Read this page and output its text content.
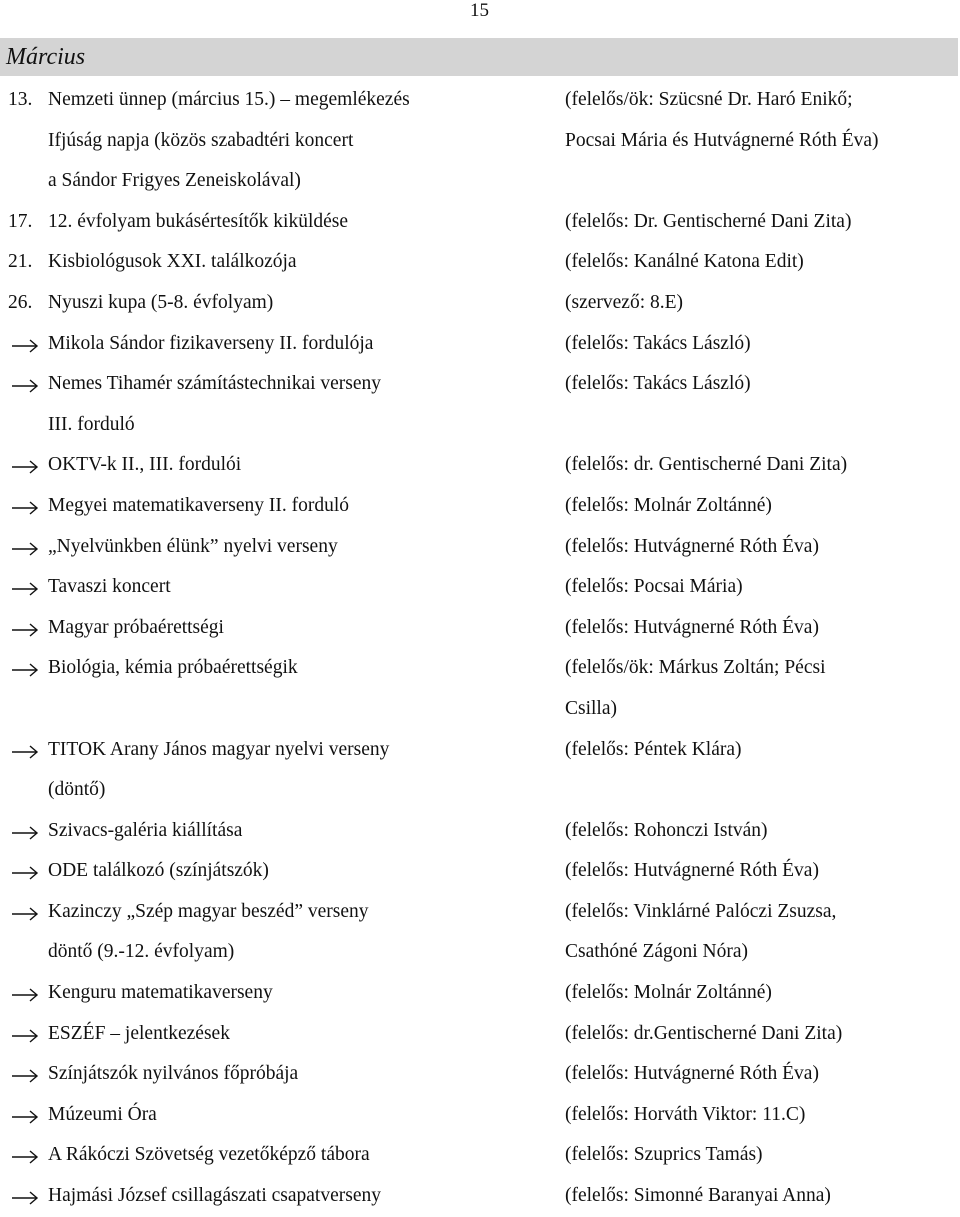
15
Március
13. Nemzeti ünnep (március 15.) – megemlékezés	(felelős/ök: Szücsné Dr. Haró Enikő;
Ifjúság napja (közös szabadtéri koncert	Pocsai Mária és Hutvágnerné Róth Éva)
a Sándor Frigyes Zeneiskolával)
17. 12. évfolyam bukásértesítők kiküldése	(felelős: Dr. Gentischerné Dani Zita)
21. Kisbiológusok XXI. találkozója	(felelős: Kanálné Katona Edit)
26. Nyuszi kupa (5-8. évfolyam)	(szervező: 8.E)
Mikola Sándor fizikaverseny II. fordulója	(felelős: Takács László)
Nemes Tihamér számítástechnikai verseny	(felelős: Takács László)
III. forduló
OKTV-k II., III. fordulói	(felelős: dr. Gentischerné Dani Zita)
Megyei matematikaverseny II. forduló	(felelős: Molnár Zoltánné)
„Nyelvünkben élünk” nyelvi verseny	(felelős: Hutvágnerné Róth Éva)
Tavaszi koncert	(felelős: Pocsai Mária)
Magyar próbaérettségi	(felelős: Hutvágnerné Róth Éva)
Biológia, kémia próbaérettségik	(felelős/ök: Márkus Zoltán; Pécsi
Csilla)
TITOK Arany János magyar nyelvi verseny	(felelős: Péntek Klára)
(döntő)
Szivacs-galéria kiállítása	(felelős: Rohonczi István)
ODE találkozó (színjátszók)	(felelős: Hutvágnerné Róth Éva)
Kazinczy „Szép magyar beszéd” verseny	(felelős: Vinklárné Palóczi Zsuzsa,
döntő (9.-12. évfolyam)	Csathóné Zágoni Nóra)
Kenguru matematikaverseny	(felelős: Molnár Zoltánné)
ESZÉF – jelentkezések	(felelős: dr.Gentischerné Dani Zita)
Színjátszók nyilvános főpróbája	(felelős: Hutvágnerné Róth Éva)
Múzeumi Óra	(felelős: Horváth Viktor: 11.C)
A Rákóczi Szövetség vezetőképző tábora	(felelős: Szuprics Tamás)
Hajmási József csillagászati csapatverseny	(felelős: Simonné Baranyai Anna)
